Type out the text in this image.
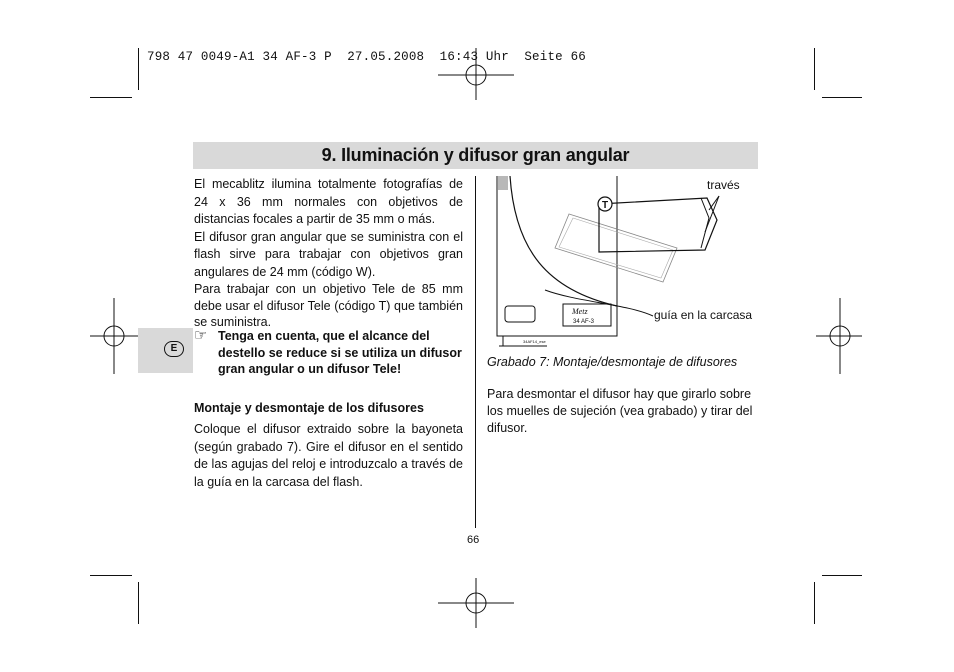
798 47 0049-A1 34 AF-3 P  27.05.2008  16:43 Uhr  Seite 66
9. Iluminación y difusor gran angular
E

El mecablitz ilumina totalmente fotografías de 24 x 36 mm normales con objetivos de distancias focales a partir de 35 mm o más.

El difusor gran angular que se suministra con el flash sirve para trabajar con objetivos gran angulares de 24 mm (código W).

Para trabajar con un objetivo Tele de 85 mm debe usar el difusor Tele (código T) que también se suministra.

☞ Tenga en cuenta, que el alcance del destello se reduce si se utiliza un difusor gran angular o un difusor Tele!
Montaje y desmontaje de los difusores

Coloque el difusor extraido sobre la bayoneta (según grabado 7). Gire el difusor en el sentido de las agujas del reloj e introduzcalo a través de la guía en la carcasa del flash.

T
Metz
34 AF-3
34AF14_ese
través
guía en la carcasa
Grabado 7: Montaje/desmontaje de difusores

Para desmontar el difusor hay que girarlo sobre los muelles de sujeción (vea grabado) y tirar del difusor.

66
